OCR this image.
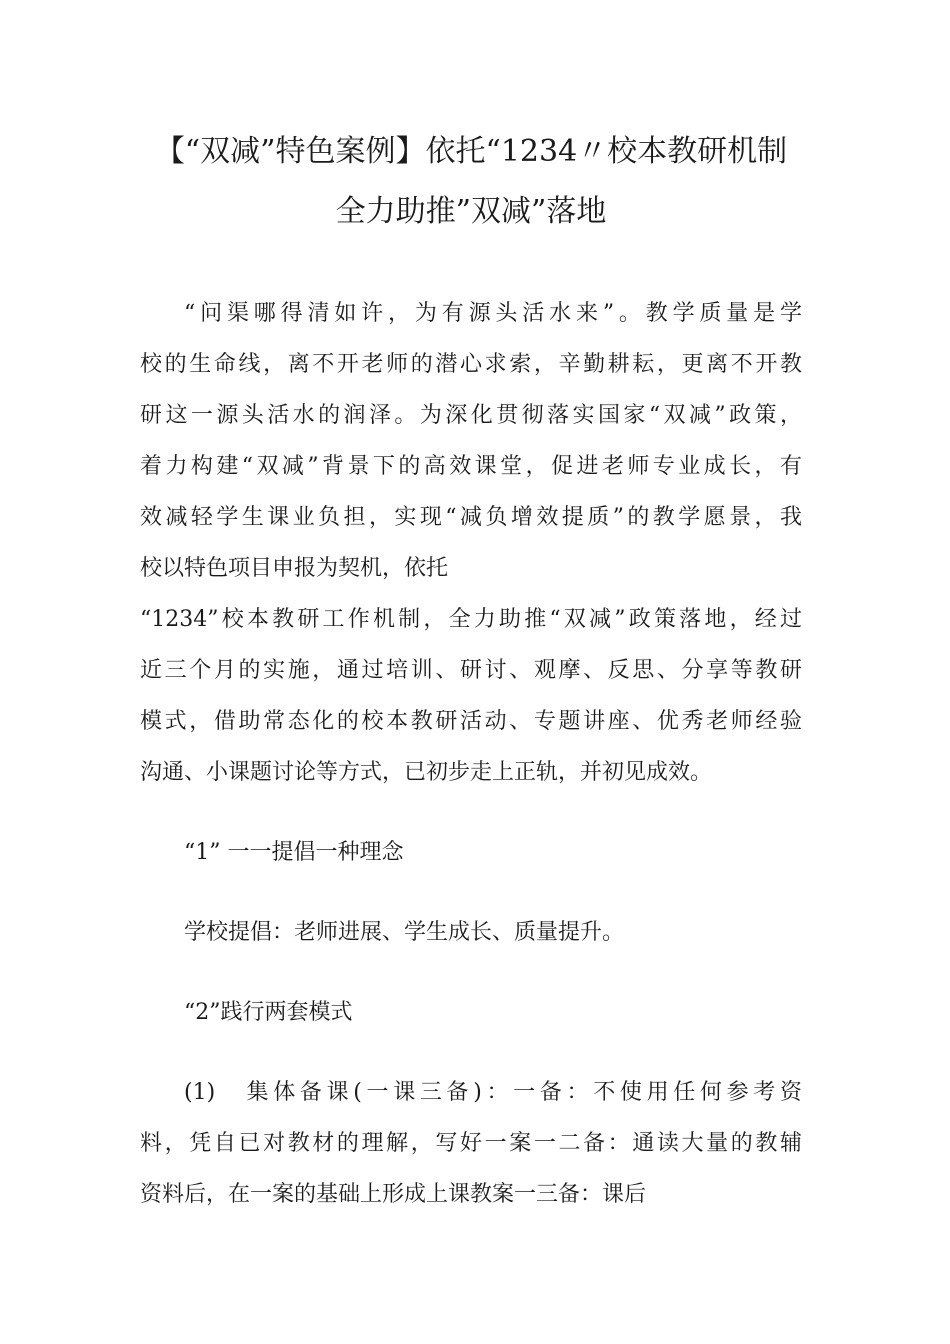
【“双减”特色案例】依托“1234〃校本教研机制
全力助推”双减”落地

“问渠哪得清如许，为有源头活水来”。教学质量是学
校的生命线，离不开老师的潜心求索，辛勤耕耘，更离不开教
研这一源头活水的润泽。为深化贯彻落实国家“双减”政策，
着力构建“双减”背景下的高效课堂，促进老师专业成长，有
效减轻学生课业负担，实现“减负增效提质”的教学愿景，我
校以特色项目申报为契机，依托
“1234”校本教研工作机制，全力助推“双减”政策落地，经过
近三个月的实施，通过培训、研讨、观摩、反思、分享等教研
模式，借助常态化的校本教研活动、专题讲座、优秀老师经验
沟通、小课题讨论等方式，已初步走上正轨，并初见成效。

“1” 一一提倡一种理念

学校提倡：老师进展、学生成长、质量提升。

“2”践行两套模式

(1)　集体备课(一课三备)：一备：不使用任何参考资
料，凭自已对教材的理解，写好一案一二备：通读大量的教辅
资料后，在一案的基础上形成上课教案一三备：课后
